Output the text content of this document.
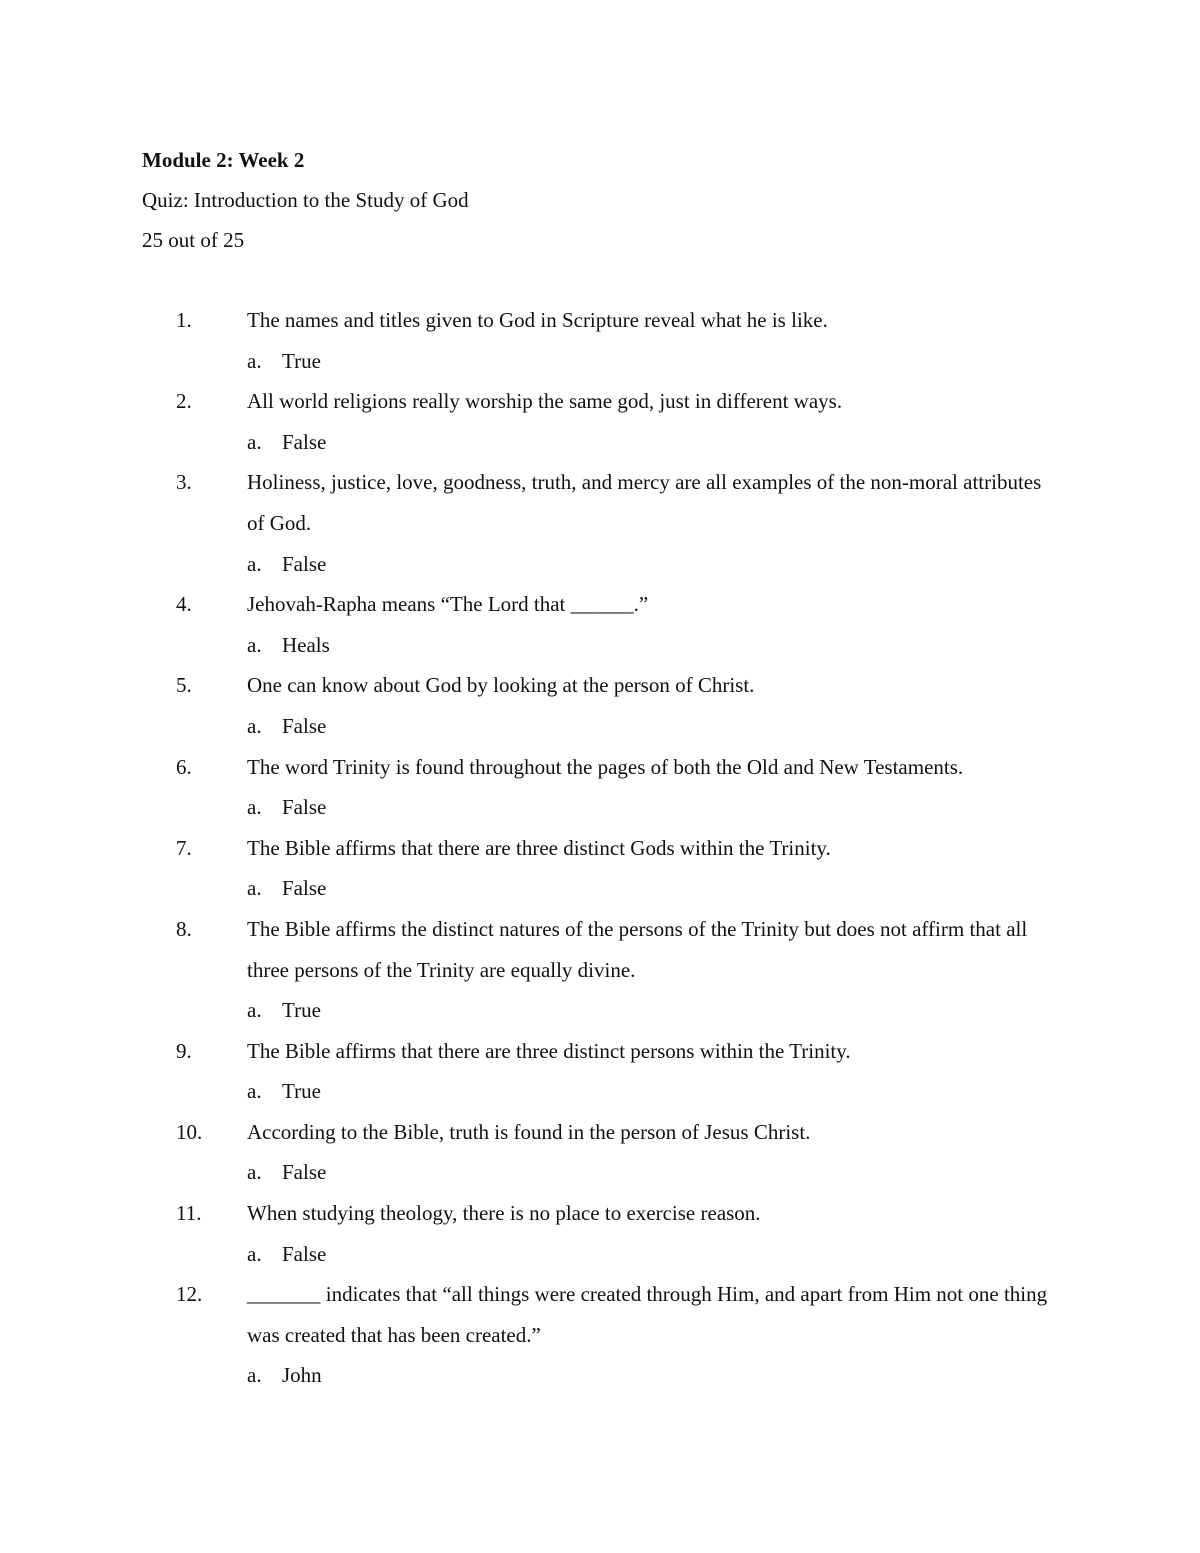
Module 2: Week 2
Quiz: Introduction to the Study of God
25 out of 25
1.	The names and titles given to God in Scripture reveal what he is like.
a. True
2.	All world religions really worship the same god, just in different ways.
a. False
3.	Holiness, justice, love, goodness, truth, and mercy are all examples of the non-moral attributes of God.
a. False
4.	Jehovah-Rapha means “The Lord that ______.”
a. Heals
5.	One can know about God by looking at the person of Christ.
a. False
6.	The word Trinity is found throughout the pages of both the Old and New Testaments.
a. False
7.	The Bible affirms that there are three distinct Gods within the Trinity.
a. False
8.	The Bible affirms the distinct natures of the persons of the Trinity but does not affirm that all three persons of the Trinity are equally divine.
a. True
9.	The Bible affirms that there are three distinct persons within the Trinity.
a. True
10. According to the Bible, truth is found in the person of Jesus Christ.
a. False
11. When studying theology, there is no place to exercise reason.
a. False
12. _______ indicates that “all things were created through Him, and apart from Him not one thing was created that has been created.”
a. John
